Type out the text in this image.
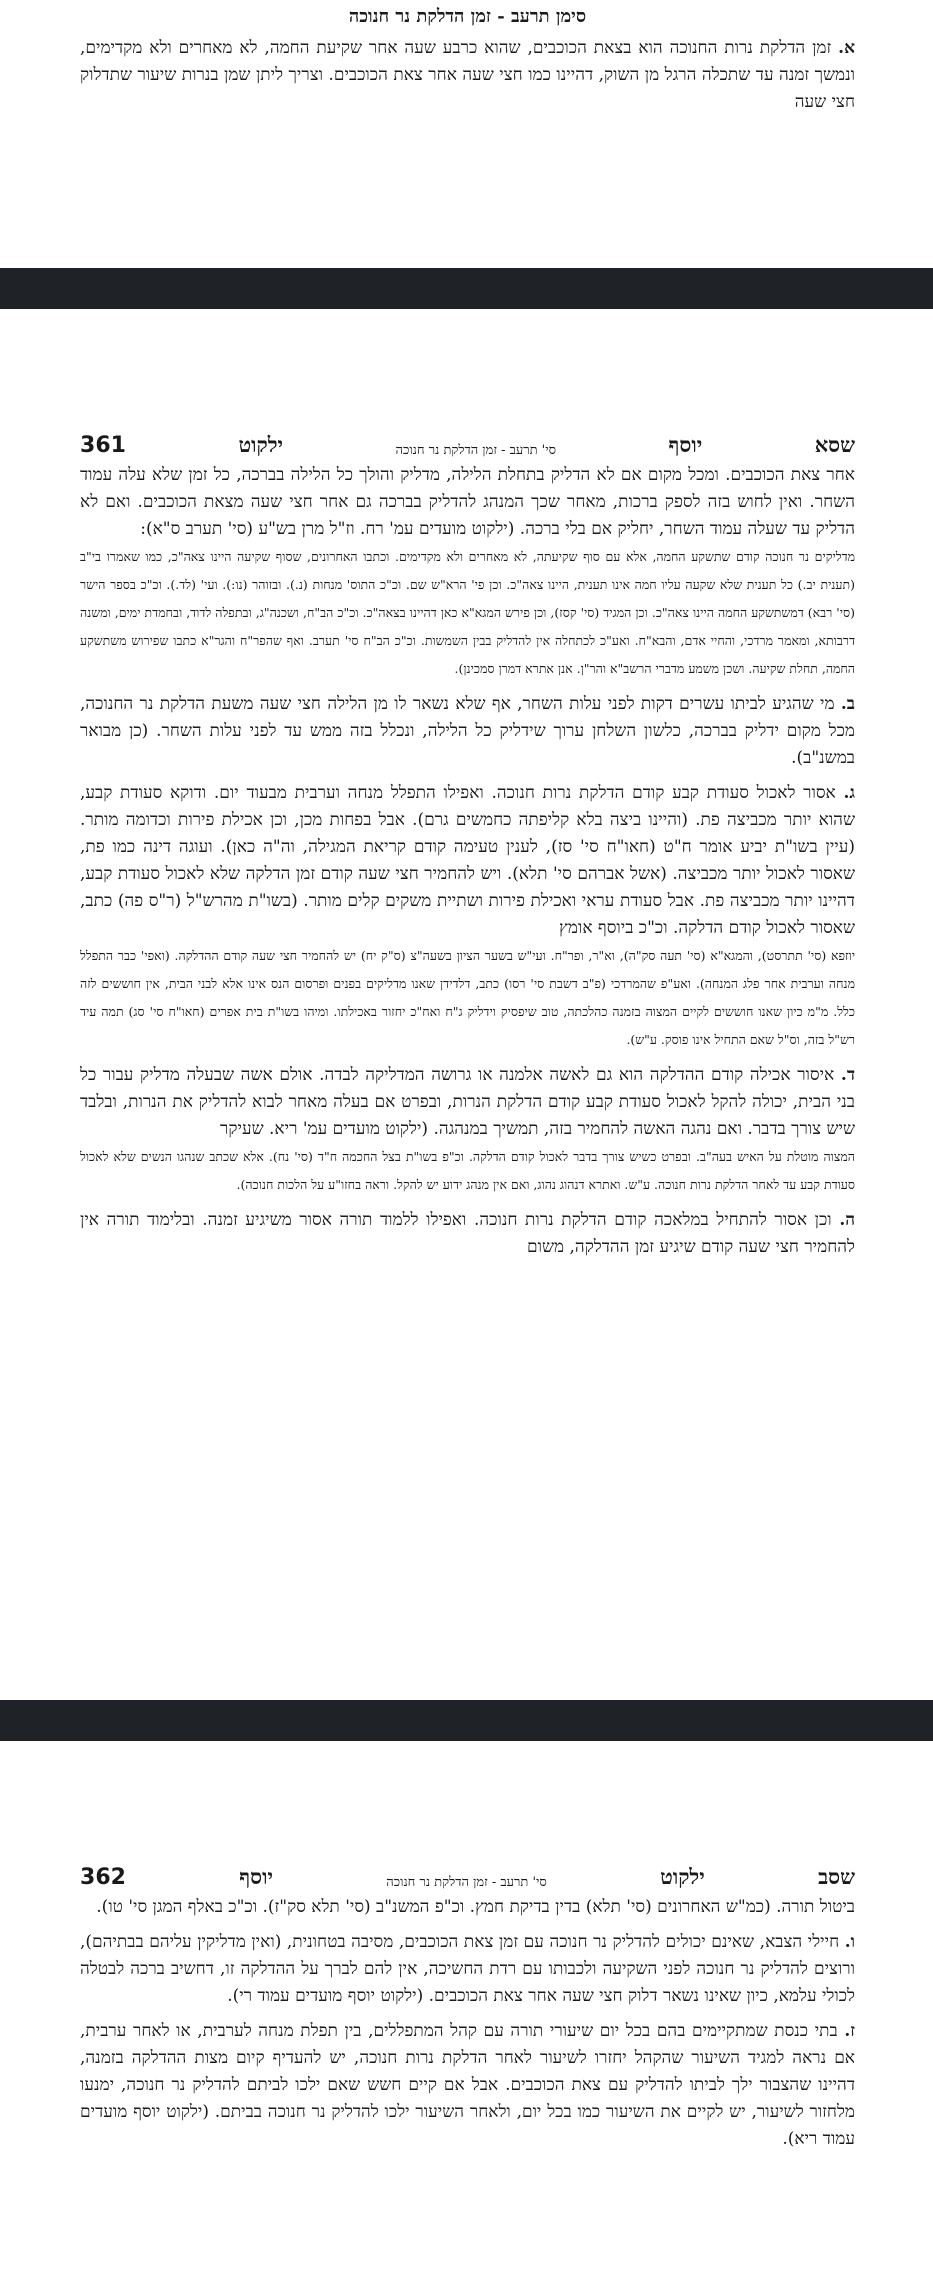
סימן תרעב - זמן הדלקת נר חנוכה
א. זמן הדלקת נרות החנוכה הוא בצאת הכוכבים, שהוא כרבע שעה אחר שקיעת החמה, לא מאחרים ולא מקדימים, ונמשך זמנה עד שתכלה הרגל מן השוק, דהיינו כמו חצי שעה אחר צאת הכוכבים. וצריך ליתן שמן בנרות שיעור שתדלוק חצי שעה
שסא
יוסף
סי' תרעב - זמן הדלקת נר חנוכה
ילקוט
361
אחר צאת הכוכבים. ומכל מקום אם לא הדליק בתחלת הלילה, מדליק והולך כל הלילה בברכה, כל זמן שלא עלה עמוד השחר. ואין לחוש בזה לספק ברכות, מאחר שכך המנהג להדליק בברכה גם אחר חצי שעה מצאת הכוכבים. ואם לא הדליק עד שעלה עמוד השחר, יחליק אם בלי ברכה. (ילקוט מועדים עמ' רח. וז"ל מרן בש"ע (סי' תערב ס"א):
מדליקים נר חנוכה קודם שתשקע החמה, אלא עם סוף שקיעתה, לא מאחרים ולא מקדימים. וכתבו האחרונים, שסוף שקיעה היינו צאה"כ, כמו שאמרו בי"ב (תענית יב.) כל תענית שלא שקעה עליו חמה אינו תענית, היינו צאה"כ. וכן פי' הרא"ש שם. וכ"כ התוס' מנחות (נ.). ובזוהר (נו:). ועי' (לד.). וכ"כ בספר הישר (סי' רבא) דמשתשקע החמה היינו צאה"כ. וכן המגיד (סי' קסז), וכן פירש המגא"א כאן דהיינו בצאה"כ. וכ"כ הב"ח, ושכנה"ג, ובתפלה לדוד, ובחמדת ימים, ומשנה דרבותא, ומאמר מרדכי, והחיי אדם, והבא"ח. ואע"כ לכתחלה אין להדליק בבין השמשות. וכ"כ הב"ח סי' תערב. ואף שהפר"ח והגר"א כתבו שפירוש משתשקע החמה, תחלת שקיעה. ושכן משמע מדברי הרשב"א והר"ן. אנן אתרא דמרן סמכינן).
ב. מי שהגיע לביתו עשרים דקות לפני עלות השחר, אף שלא נשאר לו מן הלילה חצי שעה משעת הדלקת נר החנוכה, מכל מקום ידליק בברכה, כלשון השלחן ערוך שידליק כל הלילה, ונכלל בזה ממש עד לפני עלות השחר. (כן מבואר במשנ"ב).
ג. אסור לאכול סעודת קבע קודם הדלקת נרות חנוכה. ואפילו התפלל מנחה וערבית מבעוד יום. ודוקא סעודת קבע, שהוא יותר מכביצה פת. (והיינו ביצה בלא קליפתה כחמשים גרם). אבל בפחות מכן, וכן אכילת פירות וכדומה מותר. (עיין בשו"ת יביע אומר ח"ט (חאו"ח סי' סז), לענין טעימה קודם קריאת המגילה, וה"ה כאן). ועוגה דינה כמו פת, שאסור לאכול יותר מכביצה. (אשל אברהם סי' תלא). ויש להחמיר חצי שעה קודם זמן הדלקה שלא לאכול סעודת קבע, דהיינו יותר מכביצה פת. אבל סעודת עראי ואכילת פירות ושתיית משקים קלים מותר. (בשו"ת מהרש"ל (ר"ס פה) כתב, שאסור לאכול קודם הדלקה. וכ"כ ביוסף אומץ
יוזפא (סי' תתרסט), והמגא"א (סי' תעה סק"ה), וא"ר, ופר"ח. ועי"ש בשער הציון בשעה"צ (ס"ק יח) יש להחמיר חצי שעה קודם ההדלקה. (ואפי' כבר התפלל מנחה וערבית אחר פלג המנחה). ואע"פ שהמרדכי (פ"ב דשבת סי' רסו) כתב, דלדידן שאנו מדליקים בפנים ופרסום הנס אינו אלא לבני הבית, אין חוששים לזה כלל. מ"מ כיון שאנו חוששים לקיים המצוה בזמנה כהלכתה, טוב שיפסיק וידליק ג"ח ואח"כ יחזור באכילתו. ומיהו בשו"ת בית אפרים (חאו"ח סי' סג) תמה עיד רש"ל בזה, וס"ל שאם התחיל אינו פוסק. ע"ש).
ד. איסור אכילה קודם ההדלקה הוא גם לאשה אלמנה או גרושה המדליקה לבדה. אולם אשה שבעלה מדליק עבור כל בני הבית, יכולה להקל לאכול סעודת קבע קודם הדלקת הנרות, ובפרט אם בעלה מאחר לבוא להדליק את הנרות, ובלבד שיש צורך בדבר. ואם נהגה האשה להחמיר בזה, תמשיך במנהגה. (ילקוט מועדים עמ' ריא. שעיקר
המצוה מוטלת על האיש בעה"ב. ובפרט כשיש צורך בדבר לאכול קודם הדלקה. וכ"פ בשו"ת בצל החכמה ח"ד (סי' נח). אלא שכתב שנהגו הנשים שלא לאכול סעודת קבע עד לאחר הדלקת נרות חנוכה. ע"ש. ואתרא דנהוג נהוג, ואם אין מנהג ידוע יש להקל. וראה בחזו"ע על הלכות חנוכה).
ה. וכן אסור להתחיל במלאכה קודם הדלקת נרות חנוכה. ואפילו ללמוד תורה אסור משיגיע זמנה. ובלימוד תורה אין להחמיר חצי שעה קודם שיגיע זמן ההדלקה, משום
שסב
ילקוט
סי' תרעב - זמן הדלקת נר חנוכה
יוסף
362
ביטול תורה. (כמ"ש האחרונים (סי' תלא) בדין בדיקת חמץ. וכ"פ המשנ"ב (סי' תלא סק"ז). וכ"כ באלף המגן סי' טו).
ו. חיילי הצבא, שאינם יכולים להדליק נר חנוכה עם זמן צאת הכוכבים, מסיבה בטחונית, (ואין מדליקין עליהם בבתיהם), ורוצים להדליק נר חנוכה לפני השקיעה ולכבותו עם רדת החשיכה, אין להם לברך על ההדלקה זו, דחשיב ברכה לבטלה לכולי עלמא, כיון שאינו נשאר דלוק חצי שעה אחר צאת הכוכבים. (ילקוט יוסף מועדים עמוד רי).
ז. בתי כנסת שמתקיימים בהם בכל יום שיעורי תורה עם קהל המתפללים, בין תפלת מנחה לערבית, או לאחר ערבית, אם נראה למגיד השיעור שהקהל יחזרו לשיעור לאחר הדלקת נרות חנוכה, יש להעדיף קיום מצות ההדלקה בזמנה, דהיינו שהצבור ילך לביתו להדליק עם צאת הכוכבים. אבל אם קיים חשש שאם ילכו לביתם להדליק נר חנוכה, ימנעו מלחזור לשיעור, יש לקיים את השיעור כמו בכל יום, ולאחר השיעור ילכו להדליק נר חנוכה בביתם. (ילקוט יוסף מועדים עמוד ריא).
